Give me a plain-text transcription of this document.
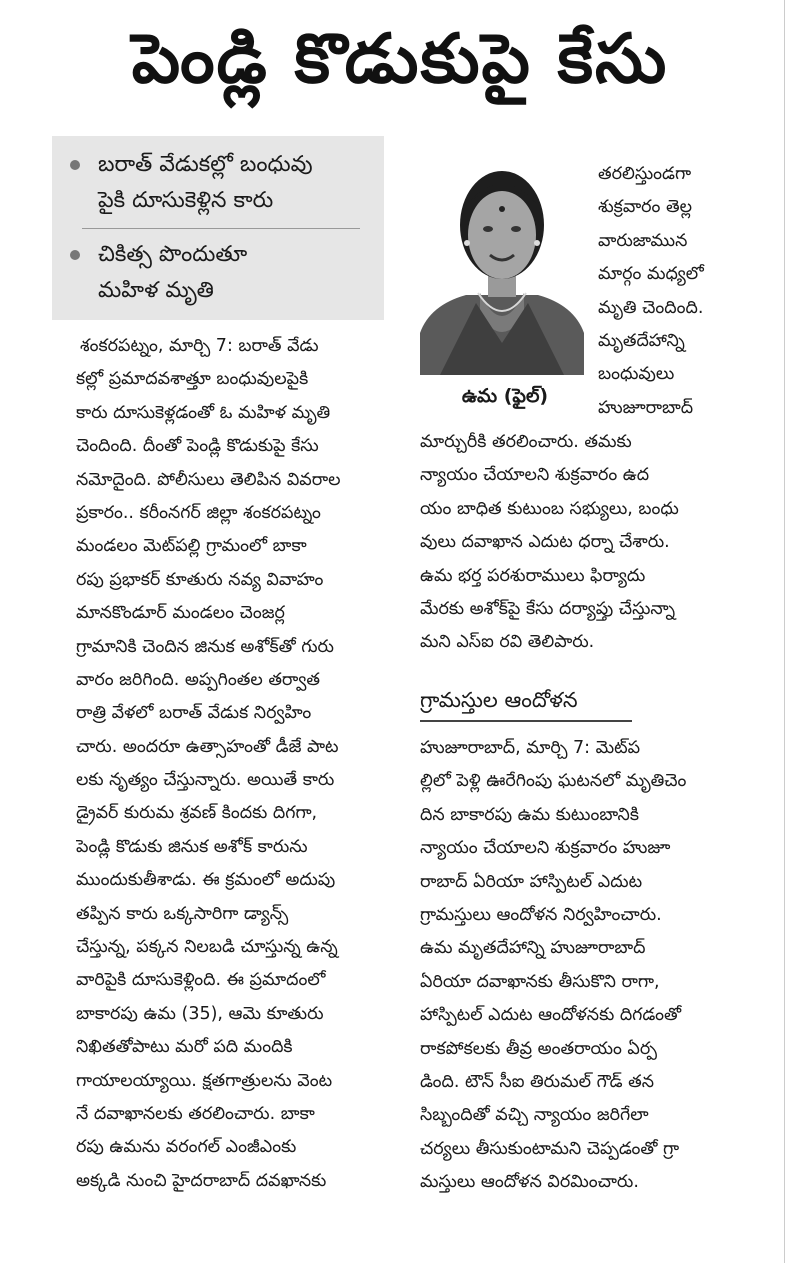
పెండ్లి కొడుకుపై కేసు
బరాత్ వేడుకల్లో బంధువు
పైకి దూసుకెళ్లిన కారు
చికిత్స పొందుతూ
మహిళ మృతి
శంకరపట్నం, మార్చి 7: బరాత్ వేడు
కల్లో ప్రమాదవశాత్తూ బంధువులపైకి
కారు దూసుకెళ్లడంతో ఓ మహిళ మృతి
చెందింది. దీంతో పెండ్లి కొడుకుపై కేసు
నమోదైంది. పోలీసులు తెలిపిన వివరాల
ప్రకారం.. కరీంనగర్ జిల్లా శంకరపట్నం
మండలం మెట్‌పల్లి గ్రామంలో బాకా
రపు ప్రభాకర్ కూతురు నవ్య వివాహం
మానకొండూర్ మండలం చెంజర్ల
గ్రామానికి చెందిన జినుక అశోక్‌తో గురు
వారం జరిగింది. అప్పగింతల తర్వాత
రాత్రి వేళలో బరాత్ వేడుక నిర్వహిం
చారు. అందరూ ఉత్సాహంతో డీజే పాట
లకు నృత్యం చేస్తున్నారు. అయితే కారు
డ్రైవర్ కురుమ శ్రవణ్ కిందకు దిగగా,
పెండ్లి కొడుకు జినుక అశోక్ కారును
ముందుకుతీశాడు. ఈ క్రమంలో అదుపు
తప్పిన కారు ఒక్కసారిగా డ్యాన్స్
చేస్తున్న, పక్కన నిలబడి చూస్తున్న ఉన్న
వారిపైకి దూసుకెళ్లింది. ఈ ప్రమాదంలో
బాకారపు ఉమ (35), ఆమె కూతురు
నిఖితతోపాటు మరో పది మందికి
గాయాలయ్యాయి. క్షతగాత్రులను వెంట
నే దవాఖానలకు తరలించారు. బాకా
రపు ఉమను వరంగల్ ఎంజీఎంకు
అక్కడి నుంచి హైదరాబాద్ దవఖానకు
ఉమ (ఫైల్)
తరలిస్తుండగా
శుక్రవారం తెల్ల
వారుజామున
మార్గం మధ్యలో
మృతి చెందింది.
మృతదేహాన్ని
బంధువులు
హుజూరాబాద్
మార్చురీకి తరలించారు. తమకు
న్యాయం చేయాలని శుక్రవారం ఉద
యం బాధిత కుటుంబ సభ్యులు, బంధు
వులు దవాఖాన ఎదుట ధర్నా చేశారు.
ఉమ భర్త పరశురాములు ఫిర్యాదు
మేరకు అశోక్‌పై కేసు దర్యాప్తు చేస్తున్నా
మని ఎస్ఐ రవి తెలిపారు.
గ్రామస్తుల ఆందోళన
హుజూరాబాద్, మార్చి 7: మెట్‌ప
ల్లిలో పెళ్లి ఊరేగింపు ఘటనలో మృతిచెం
దిన బాకారపు ఉమ కుటుంబానికి
న్యాయం చేయాలని శుక్రవారం హుజూ
రాబాద్ ఏరియా హాస్పిటల్ ఎదుట
గ్రామస్తులు ఆందోళన నిర్వహించారు.
ఉమ మృతదేహాన్ని హుజూరాబాద్
ఏరియా దవాఖానకు తీసుకొని రాగా,
హాస్పిటల్ ఎదుట ఆందోళనకు దిగడంతో
రాకపోకలకు తీవ్ర అంతరాయం ఏర్ప
డింది. టౌన్ సీఐ తిరుమల్ గౌడ్ తన
సిబ్బందితో వచ్చి న్యాయం జరిగేలా
చర్యలు తీసుకుంటామని చెప్పడంతో గ్రా
మస్తులు ఆందోళన విరమించారు.
